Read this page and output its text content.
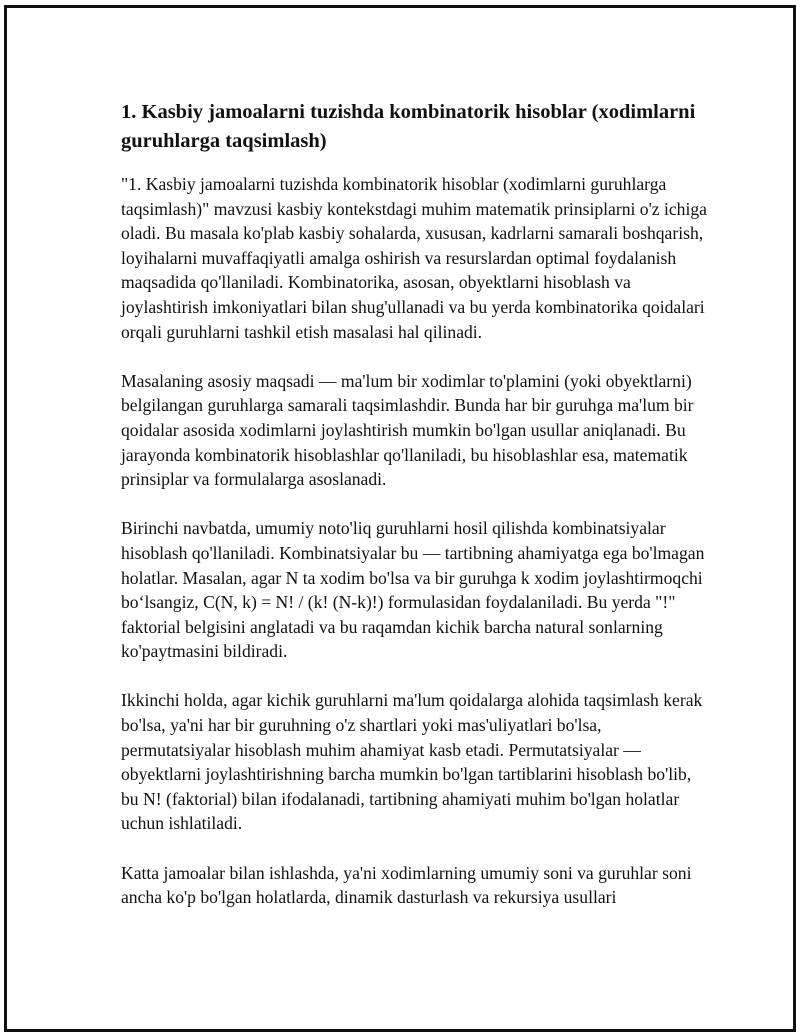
1. Kasbiy jamoalarni tuzishda kombinatorik hisoblar (xodimlarni guruhlarga taqsimlash)

"1. Kasbiy jamoalarni tuzishda kombinatorik hisoblar (xodimlarni guruhlarga taqsimlash)" mavzusi kasbiy kontekstdagi muhim matematik prinsiplarni o'z ichiga oladi. Bu masala ko'plab kasbiy sohalarda, xususan, kadrlarni samarali boshqarish, loyihalarni muvaffaqiyatli amalga oshirish va resurslardan optimal foydalanish maqsadida qo'llaniladi. Kombinatorika, asosan, obyektlarni hisoblash va joylashtirish imkoniyatlari bilan shug'ullanadi va bu yerda kombinatorika qoidalari orqali guruhlarni tashkil etish masalasi hal qilinadi.

Masalaning asosiy maqsadi — ma'lum bir xodimlar to'plamini (yoki obyektlarni) belgilangan guruhlarga samarali taqsimlashdir. Bunda har bir guruhga ma'lum bir qoidalar asosida xodimlarni joylashtirish mumkin bo'lgan usullar aniqlanadi. Bu jarayonda kombinatorik hisoblashlar qo'llaniladi, bu hisoblashlar esa, matematik prinsiplar va formulalarga asoslanadi.

Birinchi navbatda, umumiy noto'liq guruhlarni hosil qilishda kombinatsiyalar hisoblash qo'llaniladi. Kombinatsiyalar bu — tartibning ahamiyatga ega bo'lmagan holatlar. Masalan, agar N ta xodim bo'lsa va bir guruhga k xodim joylashtirmoqchi bo‘lsangiz, C(N, k) = N! / (k! (N-k)!) formulasidan foydalaniladi. Bu yerda "!" faktorial belgisini anglatadi va bu raqamdan kichik barcha natural sonlarning ko'paytmasini bildiradi.

Ikkinchi holda, agar kichik guruhlarni ma'lum qoidalarga alohida taqsimlash kerak bo'lsa, ya'ni har bir guruhning o'z shartlari yoki mas'uliyatlari bo'lsa, permutatsiyalar hisoblash muhim ahamiyat kasb etadi. Permutatsiyalar — obyektlarni joylashtirishning barcha mumkin bo'lgan tartiblarini hisoblash bo'lib, bu N! (faktorial) bilan ifodalanadi, tartibning ahamiyati muhim bo'lgan holatlar uchun ishlatiladi.

Katta jamoalar bilan ishlashda, ya'ni xodimlarning umumiy soni va guruhlar soni ancha ko'p bo'lgan holatlarda, dinamik dasturlash va rekursiya usullari
